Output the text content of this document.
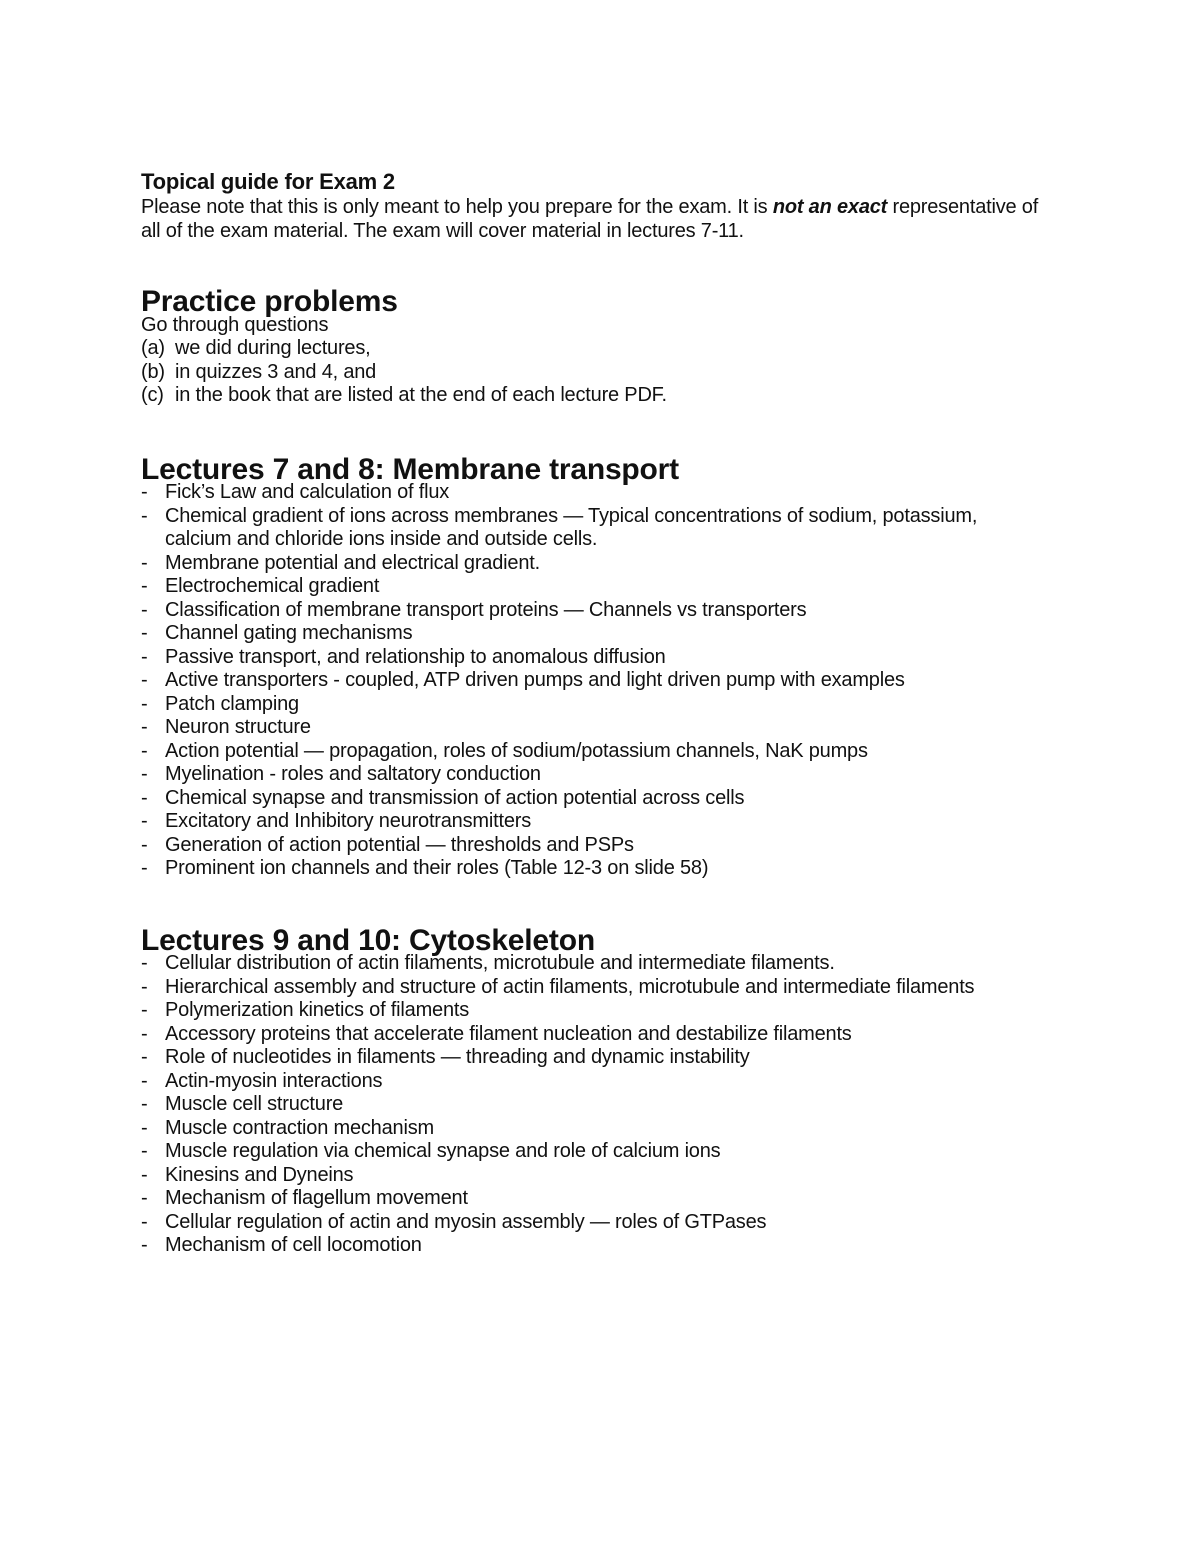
Topical guide for Exam 2

Please note that this is only meant to help you prepare for the exam. It is not an exact representative of all of the exam material. The exam will cover material in lectures 7-11.

Practice problems

Go through questions

(a) we did during lectures,
(b) in quizzes 3 and 4, and
(c) in the book that are listed at the end of each lecture PDF.
Lectures 7 and 8: Membrane transport
- Fick’s Law and calculation of flux
- Chemical gradient of ions across membranes — Typical concentrations of sodium, potassium, calcium and chloride ions inside and outside cells.
- Membrane potential and electrical gradient.
- Electrochemical gradient
- Classification of membrane transport proteins — Channels vs transporters
- Channel gating mechanisms
- Passive transport, and relationship to anomalous diffusion
- Active transporters - coupled, ATP driven pumps and light driven pump with examples
- Patch clamping
- Neuron structure
- Action potential — propagation, roles of sodium/potassium channels, NaK pumps
- Myelination - roles and saltatory conduction
- Chemical synapse and transmission of action potential across cells
- Excitatory and Inhibitory neurotransmitters
- Generation of action potential — thresholds and PSPs
- Prominent ion channels and their roles (Table 12-3 on slide 58)
Lectures 9 and 10: Cytoskeleton
- Cellular distribution of actin filaments, microtubule and intermediate filaments.
- Hierarchical assembly and structure of actin filaments, microtubule and intermediate filaments
- Polymerization kinetics of filaments
- Accessory proteins that accelerate filament nucleation and destabilize filaments
- Role of nucleotides in filaments — threading and dynamic instability
- Actin-myosin interactions
- Muscle cell structure
- Muscle contraction mechanism
- Muscle regulation via chemical synapse and role of calcium ions
- Kinesins and Dyneins
- Mechanism of flagellum movement
- Cellular regulation of actin and myosin assembly — roles of GTPases
- Mechanism of cell locomotion
